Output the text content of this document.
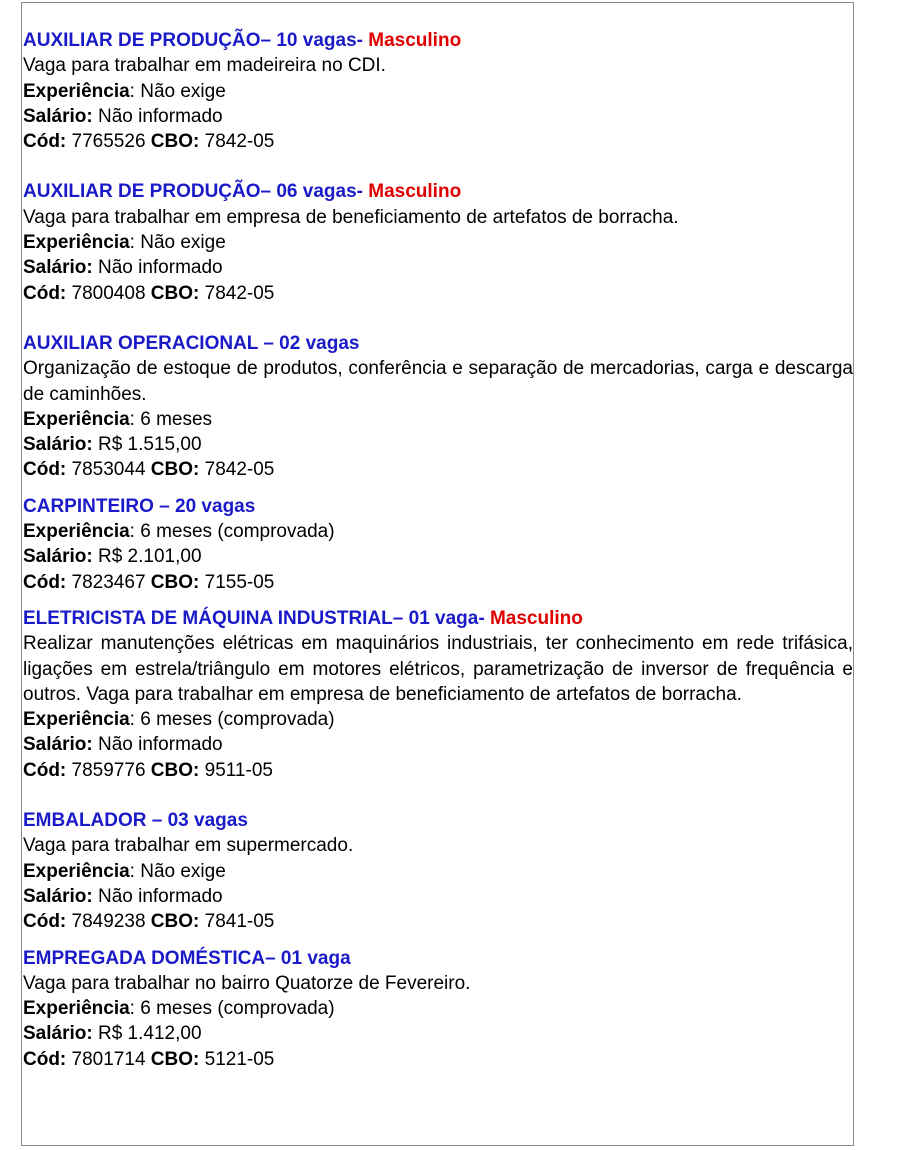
AUXILIAR DE PRODUÇÃO– 10 vagas- Masculino
Vaga para trabalhar em madeireira no CDI.
Experiência: Não exige
Salário: Não informado
Cód: 7765526 CBO: 7842-05
AUXILIAR DE PRODUÇÃO– 06 vagas- Masculino
Vaga para trabalhar em empresa de beneficiamento de artefatos de borracha.
Experiência: Não exige
Salário: Não informado
Cód: 7800408 CBO: 7842-05
AUXILIAR OPERACIONAL – 02 vagas
Organização de estoque de produtos, conferência e separação de mercadorias, carga e descarga de caminhões.
Experiência: 6 meses
Salário: R$ 1.515,00
Cód: 7853044 CBO: 7842-05
CARPINTEIRO – 20 vagas
Experiência: 6 meses (comprovada)
Salário: R$ 2.101,00
Cód: 7823467 CBO: 7155-05
ELETRICISTA DE MÁQUINA INDUSTRIAL– 01 vaga- Masculino
Realizar manutenções elétricas em maquinários industriais, ter conhecimento em rede trifásica, ligações em estrela/triângulo em motores elétricos, parametrização de inversor de frequência e outros. Vaga para trabalhar em empresa de beneficiamento de artefatos de borracha.
Experiência: 6 meses (comprovada)
Salário: Não informado
Cód: 7859776 CBO: 9511-05
EMBALADOR – 03 vagas
Vaga para trabalhar em supermercado.
Experiência: Não exige
Salário: Não informado
Cód: 7849238 CBO: 7841-05
EMPREGADA DOMÉSTICA– 01 vaga
Vaga para trabalhar no bairro Quatorze de Fevereiro.
Experiência: 6 meses (comprovada)
Salário: R$ 1.412,00
Cód: 7801714 CBO: 5121-05
